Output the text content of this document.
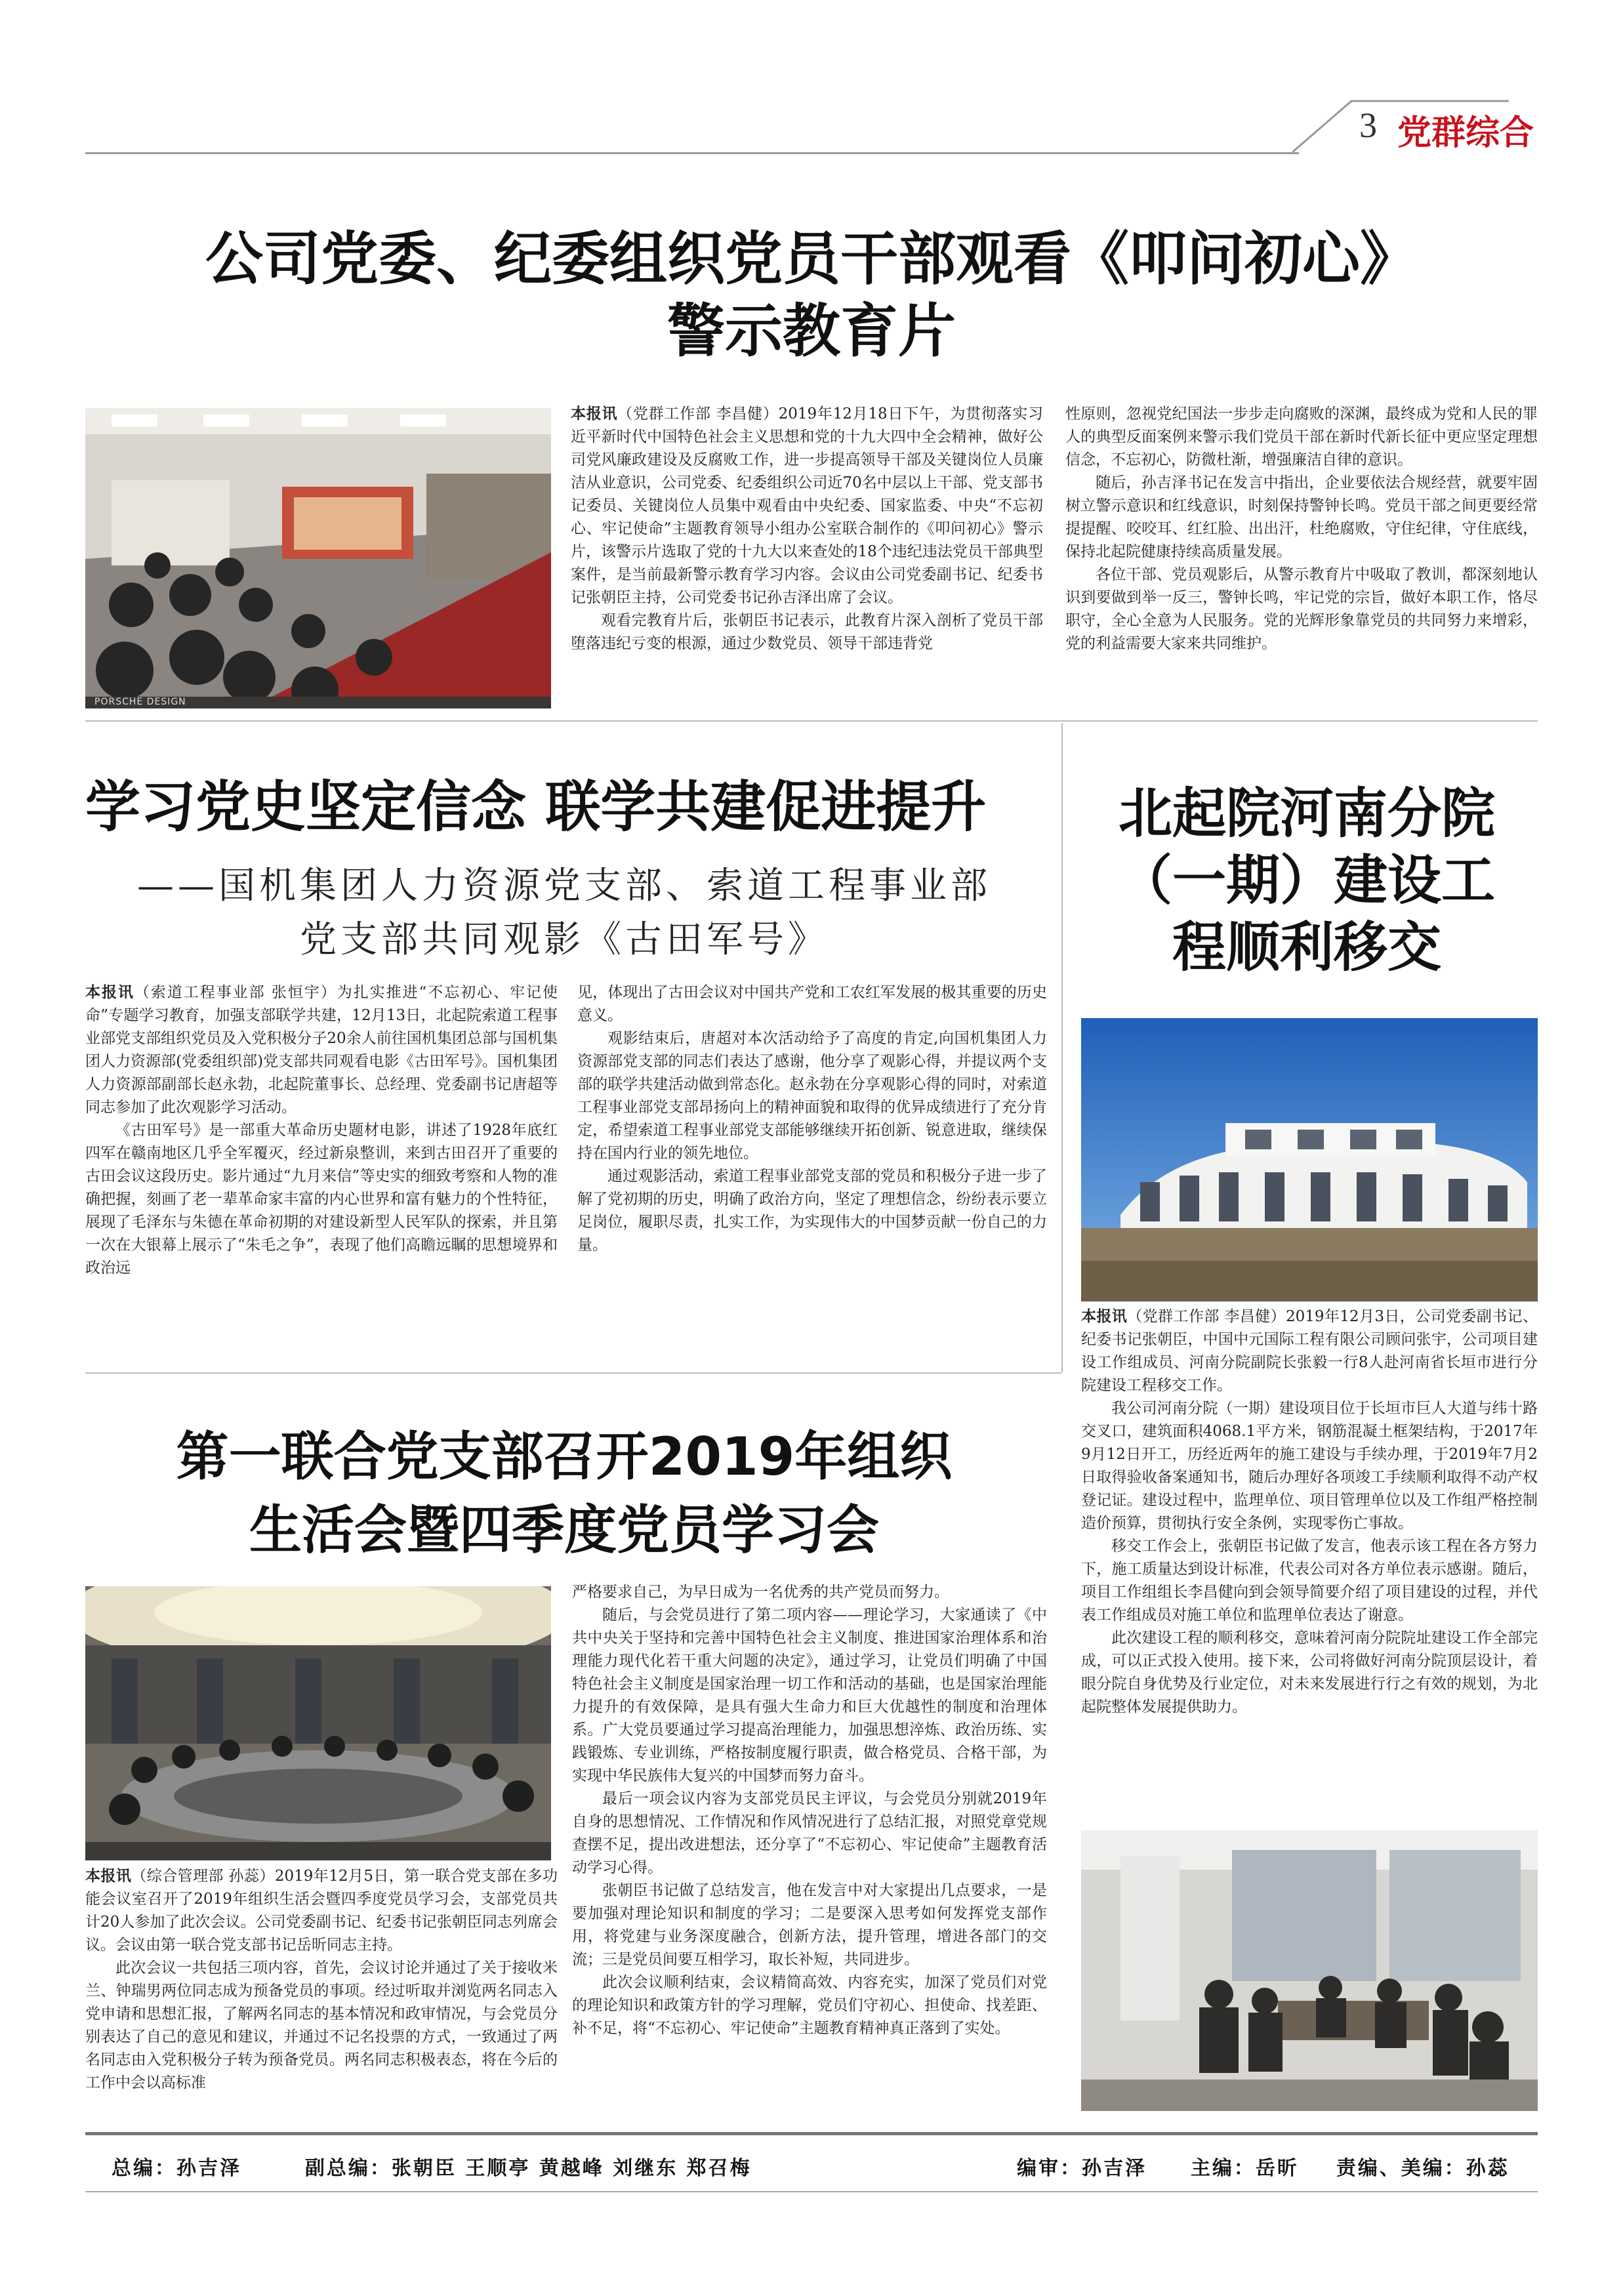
3 党群综合

公司党委、纪委组织党员干部观看《叩问初心》

警示教育片

PORSCHE DESIGN

本报讯（党群工作部 李昌健）2019年12月18日下午，为贯彻落实习近平新时代中国特色社会主义思想和党的十九大四中全会精神，做好公司党风廉政建设及反腐败工作，进一步提高领导干部及关键岗位人员廉洁从业意识，公司党委、纪委组织公司近70名中层以上干部、党支部书记委员、关键岗位人员集中观看由中央纪委、国家监委、中央“不忘初心、牢记使命”主题教育领导小组办公室联合制作的《叩问初心》警示片，该警示片选取了党的十九大以来查处的18个违纪违法党员干部典型案件，是当前最新警示教育学习内容。会议由公司党委副书记、纪委书记张朝臣主持，公司党委书记孙吉泽出席了会议。

观看完教育片后，张朝臣书记表示，此教育片深入剖析了党员干部堕落违纪亏变的根源，通过少数党员、领导干部违背党

性原则，忽视党纪国法一步步走向腐败的深渊，最终成为党和人民的罪人的典型反面案例来警示我们党员干部在新时代新长征中更应坚定理想信念，不忘初心，防微杜渐，增强廉洁自律的意识。

随后，孙吉泽书记在发言中指出，企业要依法合规经营，就要牢固树立警示意识和红线意识，时刻保持警钟长鸣。党员干部之间更要经常提提醒、咬咬耳、红红脸、出出汗，杜绝腐败，守住纪律，守住底线，保持北起院健康持续高质量发展。

各位干部、党员观影后，从警示教育片中吸取了教训，都深刻地认识到要做到举一反三，警钟长鸣，牢记党的宗旨，做好本职工作，恪尽职守，全心全意为人民服务。党的光辉形象靠党员的共同努力来增彩，党的利益需要大家来共同维护。

学习党史坚定信念 联学共建促进提升

——国机集团人力资源党支部、索道工程事业部
党支部共同观影《古田军号》

本报讯（索道工程事业部 张恒宇）为扎实推进“不忘初心、牢记使命”专题学习教育，加强支部联学共建，12月13日，北起院索道工程事业部党支部组织党员及入党积极分子20余人前往国机集团总部与国机集团人力资源部(党委组织部)党支部共同观看电影《古田军号》。国机集团人力资源部副部长赵永勃，北起院董事长、总经理、党委副书记唐超等同志参加了此次观影学习活动。

《古田军号》是一部重大革命历史题材电影，讲述了1928年底红四军在赣南地区几乎全军覆灭，经过新泉整训，来到古田召开了重要的古田会议这段历史。影片通过“九月来信”等史实的细致考察和人物的准确把握，刻画了老一辈革命家丰富的内心世界和富有魅力的个性特征，展现了毛泽东与朱德在革命初期的对建设新型人民军队的探索，并且第一次在大银幕上展示了“朱毛之争”，表现了他们高瞻远瞩的思想境界和政治远

见，体现出了古田会议对中国共产党和工农红军发展的极其重要的历史意义。

观影结束后，唐超对本次活动给予了高度的肯定,向国机集团人力资源部党支部的同志们表达了感谢，他分享了观影心得，并提议两个支部的联学共建活动做到常态化。赵永勃在分享观影心得的同时，对索道工程事业部党支部昂扬向上的精神面貌和取得的优异成绩进行了充分肯定，希望索道工程事业部党支部能够继续开拓创新、锐意进取，继续保持在国内行业的领先地位。

通过观影活动，索道工程事业部党支部的党员和积极分子进一步了解了党初期的历史，明确了政治方向，坚定了理想信念，纷纷表示要立足岗位，履职尽责，扎实工作，为实现伟大的中国梦贡献一份自己的力量。

北起院河南分院

（一期）建设工

程顺利移交

本报讯（党群工作部 李昌健）2019年12月3日，公司党委副书记、纪委书记张朝臣，中国中元国际工程有限公司顾问张宇，公司项目建设工作组成员、河南分院副院长张毅一行8人赴河南省长垣市进行分院建设工程移交工作。

我公司河南分院（一期）建设项目位于长垣市巨人大道与纬十路交叉口，建筑面积4068.1平方米，钢筋混凝土框架结构，于2017年9月12日开工，历经近两年的施工建设与手续办理，于2019年7月2日取得验收备案通知书，随后办理好各项竣工手续顺利取得不动产权登记证。建设过程中，监理单位、项目管理单位以及工作组严格控制造价预算，贯彻执行安全条例，实现零伤亡事故。

移交工作会上，张朝臣书记做了发言，他表示该工程在各方努力下，施工质量达到设计标准，代表公司对各方单位表示感谢。随后，项目工作组组长李昌健向到会领导简要介绍了项目建设的过程，并代表工作组成员对施工单位和监理单位表达了谢意。

此次建设工程的顺利移交，意味着河南分院院址建设工作全部完成，可以正式投入使用。接下来，公司将做好河南分院顶层设计，着眼分院自身优势及行业定位，对未来发展进行行之有效的规划，为北起院整体发展提供助力。

第一联合党支部召开2019年组织

生活会暨四季度党员学习会

本报讯（综合管理部 孙蕊）2019年12月5日，第一联合党支部在多功能会议室召开了2019年组织生活会暨四季度党员学习会，支部党员共计20人参加了此次会议。公司党委副书记、纪委书记张朝臣同志列席会议。会议由第一联合党支部书记岳昕同志主持。

此次会议一共包括三项内容，首先，会议讨论并通过了关于接收米兰、钟瑞男两位同志成为预备党员的事项。经过听取并浏览两名同志入党申请和思想汇报，了解两名同志的基本情况和政审情况，与会党员分别表达了自己的意见和建议，并通过不记名投票的方式，一致通过了两名同志由入党积极分子转为预备党员。两名同志积极表态，将在今后的工作中会以高标准

严格要求自己，为早日成为一名优秀的共产党员而努力。

随后，与会党员进行了第二项内容——理论学习，大家通读了《中共中央关于坚持和完善中国特色社会主义制度、推进国家治理体系和治理能力现代化若干重大问题的决定》，通过学习，让党员们明确了中国特色社会主义制度是国家治理一切工作和活动的基础，也是国家治理能力提升的有效保障，是具有强大生命力和巨大优越性的制度和治理体系。广大党员要通过学习提高治理能力，加强思想淬炼、政治历练、实践锻炼、专业训练，严格按制度履行职责，做合格党员、合格干部，为实现中华民族伟大复兴的中国梦而努力奋斗。

最后一项会议内容为支部党员民主评议，与会党员分别就2019年自身的思想情况、工作情况和作风情况进行了总结汇报，对照党章党规查摆不足，提出改进想法，还分享了“不忘初心、牢记使命”主题教育活动学习心得。

张朝臣书记做了总结发言，他在发言中对大家提出几点要求，一是要加强对理论知识和制度的学习；二是要深入思考如何发挥党支部作用，将党建与业务深度融合，创新方法，提升管理，增进各部门的交流；三是党员间要互相学习，取长补短，共同进步。

此次会议顺利结束，会议精简高效、内容充实，加深了党员们对党的理论知识和政策方针的学习理解，党员们守初心、担使命、找差距、补不足，将“不忘初心、牢记使命”主题教育精神真正落到了实处。

总编：孙吉泽	副总编：张朝臣 王顺亭 黄越峰 刘继东 郑召梅	编审：孙吉泽 主编：岳昕 责编、美编：孙蕊
